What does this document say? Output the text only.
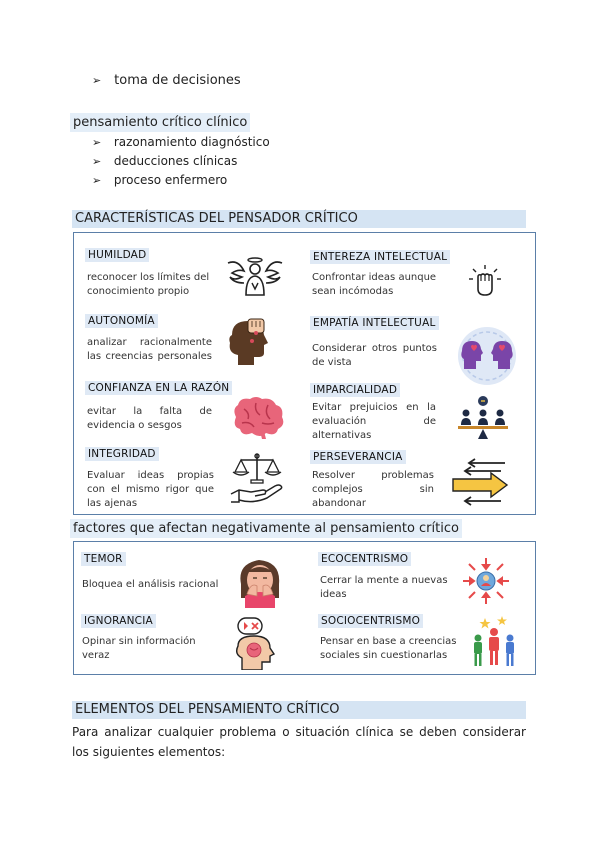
➢ toma de decisiones
pensamiento crítico clínico
➢ razonamiento diagnóstico
➢ deducciones clínicas
➢ proceso enfermero
CARACTERÍSTICAS DEL PENSADOR CRÍTICO
HUMILDAD
reconocer los límites del
conocimiento propio
ENTEREZA INTELECTUAL
Confrontar ideas aunque
sean incómodas
AUTONOMÍA
analizar racionalmente
las creencias personales
EMPATÍA INTELECTUAL
Considerar otros puntos
de vista
CONFIANZA EN LA RAZÓN
evitar la falta de
evidencia o sesgos
IMPARCIALIDAD
Evitar prejuicios en la
evaluación de
alternativas
INTEGRIDAD
Evaluar ideas propias
con el mismo rigor que
las ajenas
PERSEVERANCIA
Resolver problemas
complejos sin
abandonar
factores que afectan negativamente al pensamiento crítico
TEMOR
Bloquea el análisis racional
ECOCENTRISMO
Cerrar la mente a nuevas
ideas
IGNORANCIA
Opinar sin información
veraz
SOCIOCENTRISMO
Pensar en base a creencias
sociales sin cuestionarlas
ELEMENTOS DEL PENSAMIENTO CRÍTICO
Para analizar cualquier problema o situación clínica se deben considerar los siguientes elementos:
